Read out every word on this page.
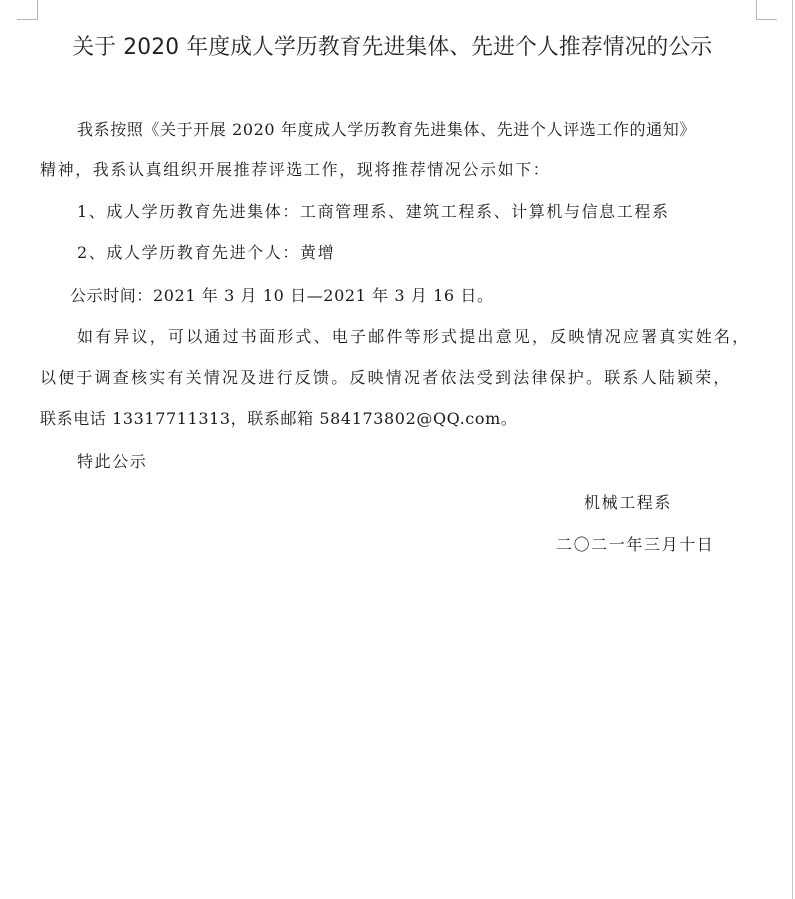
关于 2020 年度成人学历教育先进集体、先进个人推荐情况的公示
我系按照《关于开展 2020 年度成人学历教育先进集体、先进个人评选工作的通知》
精神，我系认真组织开展推荐评选工作，现将推荐情况公示如下：
1、成人学历教育先进集体：工商管理系、建筑工程系、计算机与信息工程系
2、成人学历教育先进个人：黄增
公示时间：2021 年 3 月 10 日—2021 年 3 月 16 日。
如有异议，可以通过书面形式、电子邮件等形式提出意见，反映情况应署真实姓名，
以便于调查核实有关情况及进行反馈。反映情况者依法受到法律保护。联系人陆颖荣，
联系电话 13317711313，联系邮箱 584173802@QQ.com。
特此公示
机械工程系
二〇二一年三月十日
